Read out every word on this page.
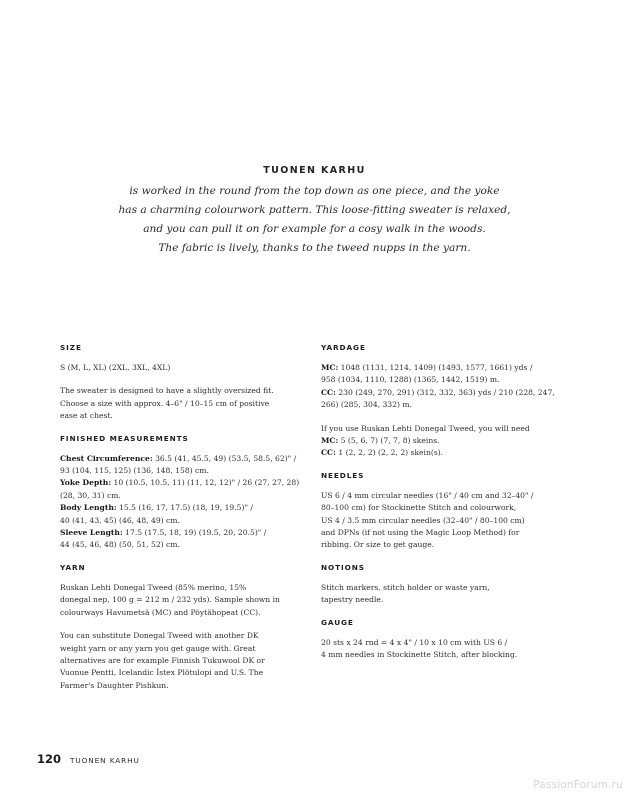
TUONEN KARHU
is worked in the round from the top down as one piece, and the yoke
has a charming colourwork pattern. This loose-fitting sweater is relaxed,
and you can pull it on for example for a cosy walk in the woods.
The fabric is lively, thanks to the tweed nupps in the yarn.
SIZE

S (M, L, XL) (2XL, 3XL, 4XL)

The sweater is designed to have a slightly oversized fit.
Choose a size with approx. 4–6" / 10–15 cm of positive
ease at chest.

FINISHED MEASUREMENTS

Chest Circumference: 36.5 (41, 45.5, 49) (53.5, 58.5, 62)" /
93 (104, 115, 125) (136, 148, 158) cm.
Yoke Depth: 10 (10.5, 10.5, 11) (11, 12, 12)" / 26 (27, 27, 28)
(28, 30, 31) cm.
Body Length: 15.5 (16, 17, 17.5) (18, 19, 19.5)" /
40 (41, 43, 45) (46, 48, 49) cm.
Sleeve Length: 17.5 (17.5, 18, 19) (19.5, 20, 20.5)" /
44 (45, 46, 48) (50, 51, 52) cm.

YARN

Ruskan Lehti Donegal Tweed (85% merino, 15%
donegal nep, 100 g = 212 m / 232 yds). Sample shown in
colourways Havumetsä (MC) and Pöytähopeat (CC).

You can substitute Donegal Tweed with another DK
weight yarn or any yarn you get gauge with. Great
alternatives are for example Finnish Tukuwool DK or
Vuonue Pentti, Icelandic Ístex Plötulopi and U.S. The
Farmer's Daughter Pishkun.

YARDAGE

MC: 1048 (1131, 1214, 1409) (1493, 1577, 1661) yds /
958 (1034, 1110, 1288) (1365, 1442, 1519) m.
CC: 230 (249, 270, 291) (312, 332, 363) yds / 210 (228, 247,
266) (285, 304, 332) m.

If you use Ruskan Lehti Donegal Tweed, you will need
MC: 5 (5, 6, 7) (7, 7, 8) skeins.
CC: 1 (2, 2, 2) (2, 2, 2) skein(s).

NEEDLES

US 6 / 4 mm circular needles (16" / 40 cm and 32–40" /
80–100 cm) for Stockinette Stitch and colourwork,
US 4 / 3.5 mm circular needles (32–40" / 80–100 cm)
and DPNs (if not using the Magic Loop Method) for
ribbing. Or size to get gauge.

NOTIONS

Stitch markers, stitch holder or waste yarn,
tapestry needle.

GAUGE

20 sts x 24 rnd = 4 x 4" / 10 x 10 cm with US 6 /
4 mm needles in Stockinette Stitch, after blocking.

120 TUONEN KARHU
PassionForum.ru
